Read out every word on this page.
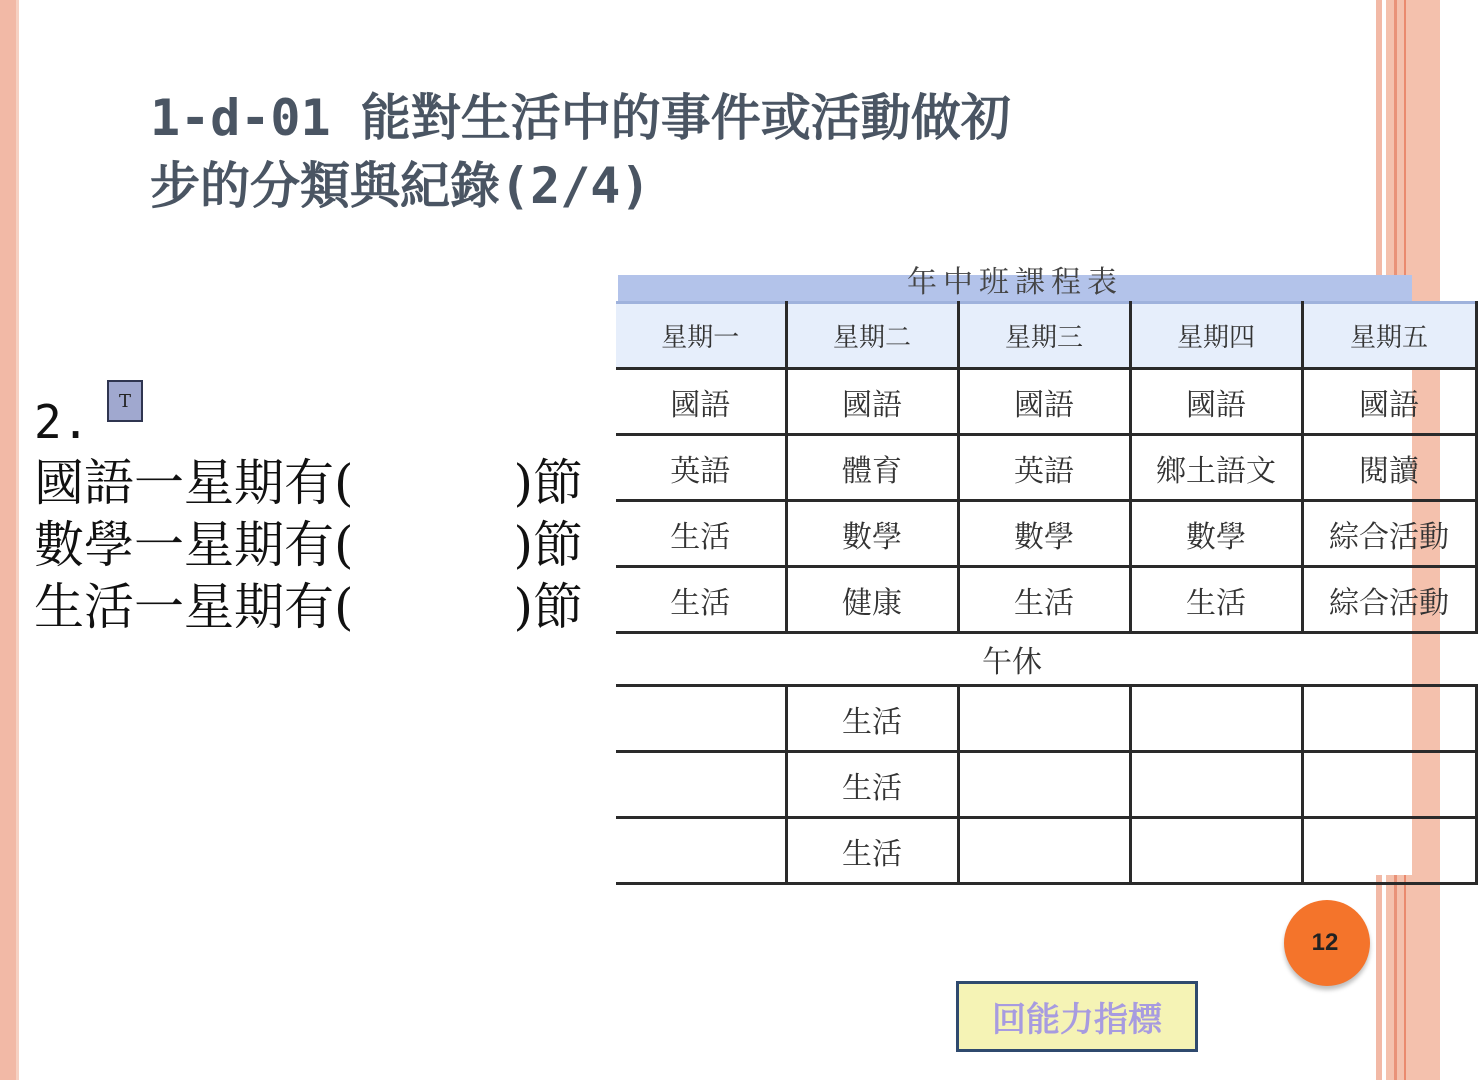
1-d-01 能對生活中的事件或活動做初
步的分類與紀錄(2/4)
2.	T
國語一星期有(	)節
數學一星期有(	)節
生活一星期有(	)節
年中班課程表
星期一	星期二	星期三	星期四	星期五
國語	國語	國語	國語	國語
英語	體育	英語	鄉土語文	閱讀
生活	數學	數學	數學	綜合活動
生活	健康	生活	生活	綜合活動
午休				
	生活			
	生活			
	生活			
12
回能力指標
